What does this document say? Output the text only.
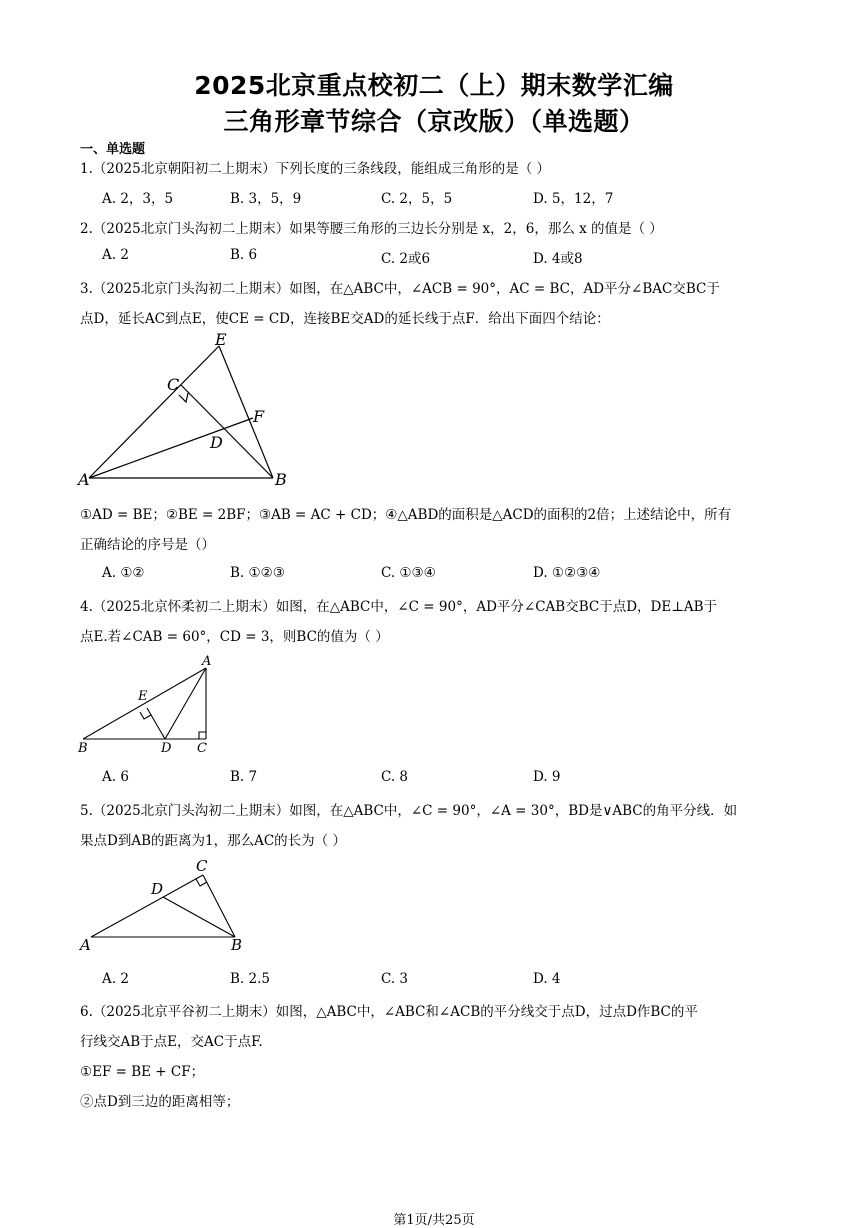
2025北京重点校初二（上）期末数学汇编
三角形章节综合（京改版）（单选题）
一、单选题
1.（2025北京朝阳初二上期末）下列长度的三条线段，能组成三角形的是（ ）
A. 2，3，5	B. 3，5，9	C. 2，5，5	D. 5，12，7
2.（2025北京门头沟初二上期末）如果等腰三角形的三边长分别是 x，2，6，那么 x 的值是（ ）
A. 2	B. 6	C. 2或6	D. 4或8
3.（2025北京门头沟初二上期末）如图，在△ABC中，∠ACB = 90°，AC = BC，AD平分∠BAC交BC于
点D，延长AC到点E，使CE = CD，连接BE交AD的延长线于点F．给出下面四个结论：
E
C
F
D
A	B
①AD = BE；②BE = 2BF；③AB = AC + CD；④△ABD的面积是△ACD的面积的2倍；上述结论中，所有
正确结论的序号是（）
A. ①②	B. ①②③	C. ①③④	D. ①②③④
4.（2025北京怀柔初二上期末）如图，在△ABC中，∠C = 90°，AD平分∠CAB交BC于点D，DE⊥AB于
点E.若∠CAB = 60°，CD = 3，则BC的值为（ ）
A
E
B	D C
A. 6	B. 7	C. 8	D. 9
5.（2025北京门头沟初二上期末）如图，在△ABC中，∠C = 90°，∠A = 30°，BD是∨ABC的角平分线．如
果点D到AB的距离为1，那么AC的长为（ ）
C
D
A	B
A. 2	B. 2.5	C. 3	D. 4
6.（2025北京平谷初二上期末）如图，△ABC中，∠ABC和∠ACB的平分线交于点D，过点D作BC的平
行线交AB于点E，交AC于点F.
①EF = BE + CF；
②点D到三边的距离相等；
第1页/共25页
